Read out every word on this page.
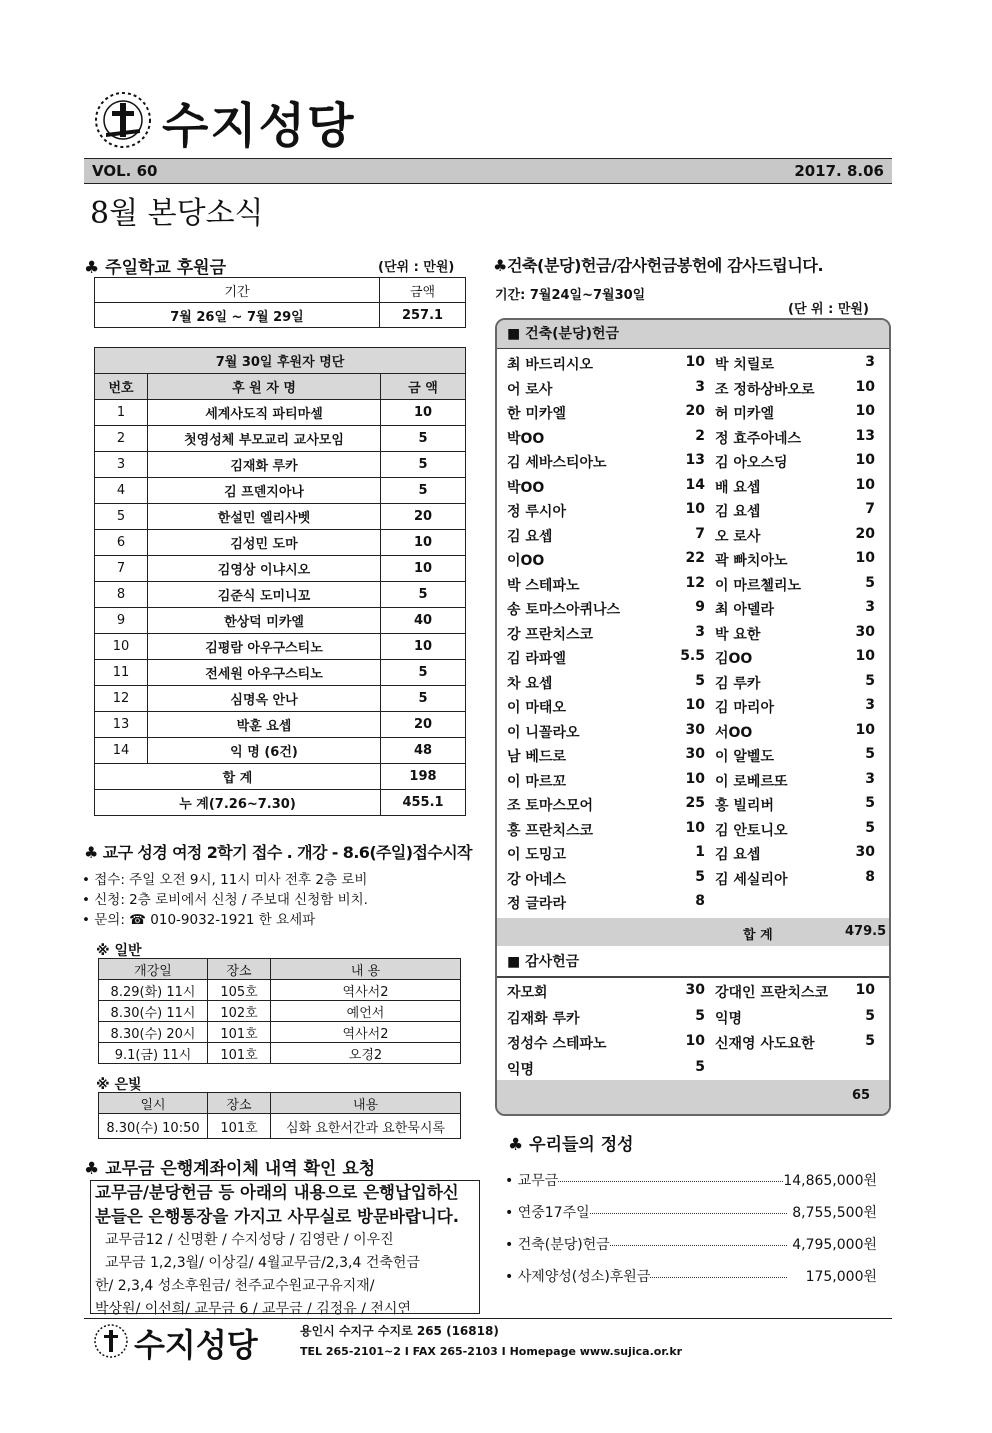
수지성당
VOL. 60	2017. 8.06
8월 본당소식
♣ 주일학교 후원금	(단위 : 만원)
기간	금액
7월 26일 ~ 7월 29일	257.1
7월 30일 후원자 명단		
번호	후 원 자 명	금 액
1	세계사도직 파티마셀	10
2	첫영성체 부모교리 교사모임	5
3	김재화 루카	5
4	김 프덴지아나	5
5	한설민 엘리사벳	20
6	김성민 도마	10
7	김영상 이냐시오	10
8	김준식 도미니꼬	5
9	한상덕 미카엘	40
10	김평람 아우구스티노	10
11	전세원 아우구스티노	5
12	심명옥 안나	5
13	박훈 요셉	20
14	익 명 (6건)	48
합 계		198
누 계(7.26~7.30)		455.1
♣ 교구 성경 여정 2학기 접수 . 개강 - 8.6(주일)접수시작
• 접수: 주일 오전 9시, 11시 미사 전후 2층 로비
• 신청: 2층 로비에서 신청 / 주보대 신청함 비치.
• 문의: ☎ 010-9032-1921 한 요세파
※ 일반
개강일	장소	내 용
8.29(화) 11시	105호	역사서2
8.30(수) 11시	102호	예언서
8.30(수) 20시	101호	역사서2
9.1(금) 11시	101호	오경2
※ 은빛
일시	장소	내용
8.30(수) 10:50	101호	심화 요한서간과 요한묵시록
♣ 교무금 은행계좌이체 내역 확인 요청
교무금/분당헌금 등 아래의 내용으로 은행납입하신
분들은 은행통장을 가지고 사무실로 방문바랍니다.
교무금12 / 신명환 / 수지성당 / 김영란 / 이우진
교무금 1,2,3월/ 이상길/ 4월교무금/2,3,4 건축헌금
한/ 2,3,4 성소후원금/ 천주교수원교구유지재/
박상원/ 이선희/ 교무금 6 / 교무금 / 김정유 / 전시연
♣건축(분당)헌금/감사헌금봉헌에 감사드립니다.
기간: 7월24일~7월30일
(단 위 : 만원)
■ 건축(분당)헌금
최 바드리시오	10 박 치릴로	3
어 로사	3 조 정하상바오로	10
한 미카엘	20 허 미카엘	10
박OO	2 정 효주아네스	13
김 세바스티아노	13 김 아오스딩	10
박OO	14 배 요셉	10
정 루시아	10 김 요셉	7
김 요셉	7 오 로사	20
이OO	22 곽 빠치아노	10
박 스테파노	12 이 마르첼리노	5
송 토마스아퀴나스	9 최 아델라	3
강 프란치스코	3 박 요한	30
김 라파엘	5.5 김OO	10
차 요셉	5 김 루카	5
이 마태오	10 김 마리아	3
이 니꼴라오	30 서OO	10
남 베드로	30 이 알벨도	5
이 마르꼬	10 이 로베르또	3
조 토마스모어	25 홍 빌리버	5
홍 프란치스코	10 김 안토니오	5
이 도밍고	1 김 요셉	30
강 아네스	5 김 세실리아	8
정 글라라	8
합 계	479.5
■ 감사헌금
자모회	30 강대인 프란치스코	10
김재화 루카	5 익명	5
정성수 스테파노	10 신재영 사도요한	5
익명	5
65
♣ 우리들의 정성
• 교무금	14,865,000원
• 연중17주일	8,755,500원
• 건축(분당)헌금	4,795,000원
• 사제양성(성소)후원금	175,000원
수지성당	용인시 수지구 수지로 265 (16818)
TEL 265-2101~2 I FAX 265-2103 I Homepage www.sujica.or.kr
